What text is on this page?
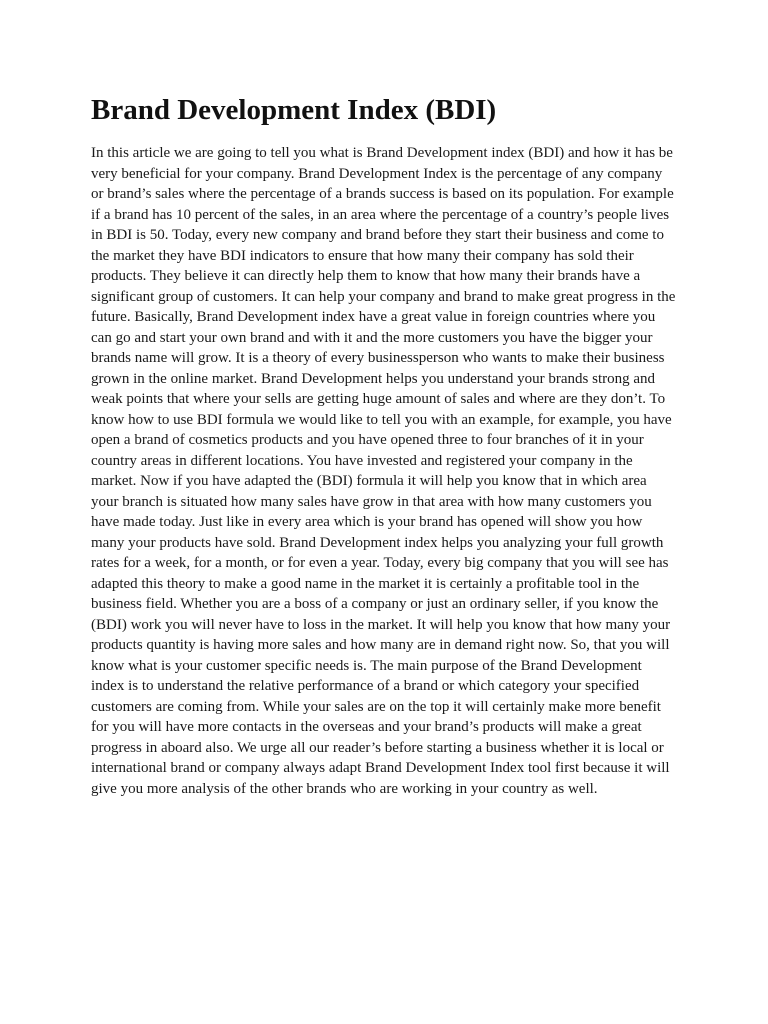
Brand Development Index (BDI)
In this article we are going to tell you what is Brand Development index (BDI) and how it has be
very beneficial for your company. Brand Development Index is the percentage of any company
or brand’s sales where the percentage of a brands success is based on its population. For example
if a brand has 10 percent of the sales, in an area where the percentage of a country’s people lives
in BDI is 50. Today, every new company and brand before they start their business and come to
the market they have BDI indicators to ensure that how many their company has sold their
products. They believe it can directly help them to know that how many their brands have a
significant group of customers. It can help your company and brand to make great progress in the
future. Basically, Brand Development index have a great value in foreign countries where you
can go and start your own brand and with it and the more customers you have the bigger your
brands name will grow. It is a theory of every businessperson who wants to make their business
grown in the online market. Brand Development helps you understand your brands strong and
weak points that where your sells are getting huge amount of sales and where are they don’t. To
know how to use BDI formula we would like to tell you with an example, for example, you have
open a brand of cosmetics products and you have opened three to four branches of it in your
country areas in different locations. You have invested and registered your company in the
market. Now if you have adapted the (BDI) formula it will help you know that in which area
your branch is situated how many sales have grow in that area with how many customers you
have made today. Just like in every area which is your brand has opened will show you how
many your products have sold. Brand Development index helps you analyzing your full growth
rates for a week, for a month, or for even a year. Today, every big company that you will see has
adapted this theory to make a good name in the market it is certainly a profitable tool in the
business field. Whether you are a boss of a company or just an ordinary seller, if you know the
(BDI) work you will never have to loss in the market. It will help you know that how many your
products quantity is having more sales and how many are in demand right now. So, that you will
know what is your customer specific needs is. The main purpose of the Brand Development
index is to understand the relative performance of a brand or which category your specified
customers are coming from. While your sales are on the top it will certainly make more benefit
for you will have more contacts in the overseas and your brand’s products will make a great
progress in aboard also. We urge all our reader’s before starting a business whether it is local or
international brand or company always adapt Brand Development Index tool first because it will
give you more analysis of the other brands who are working in your country as well.
